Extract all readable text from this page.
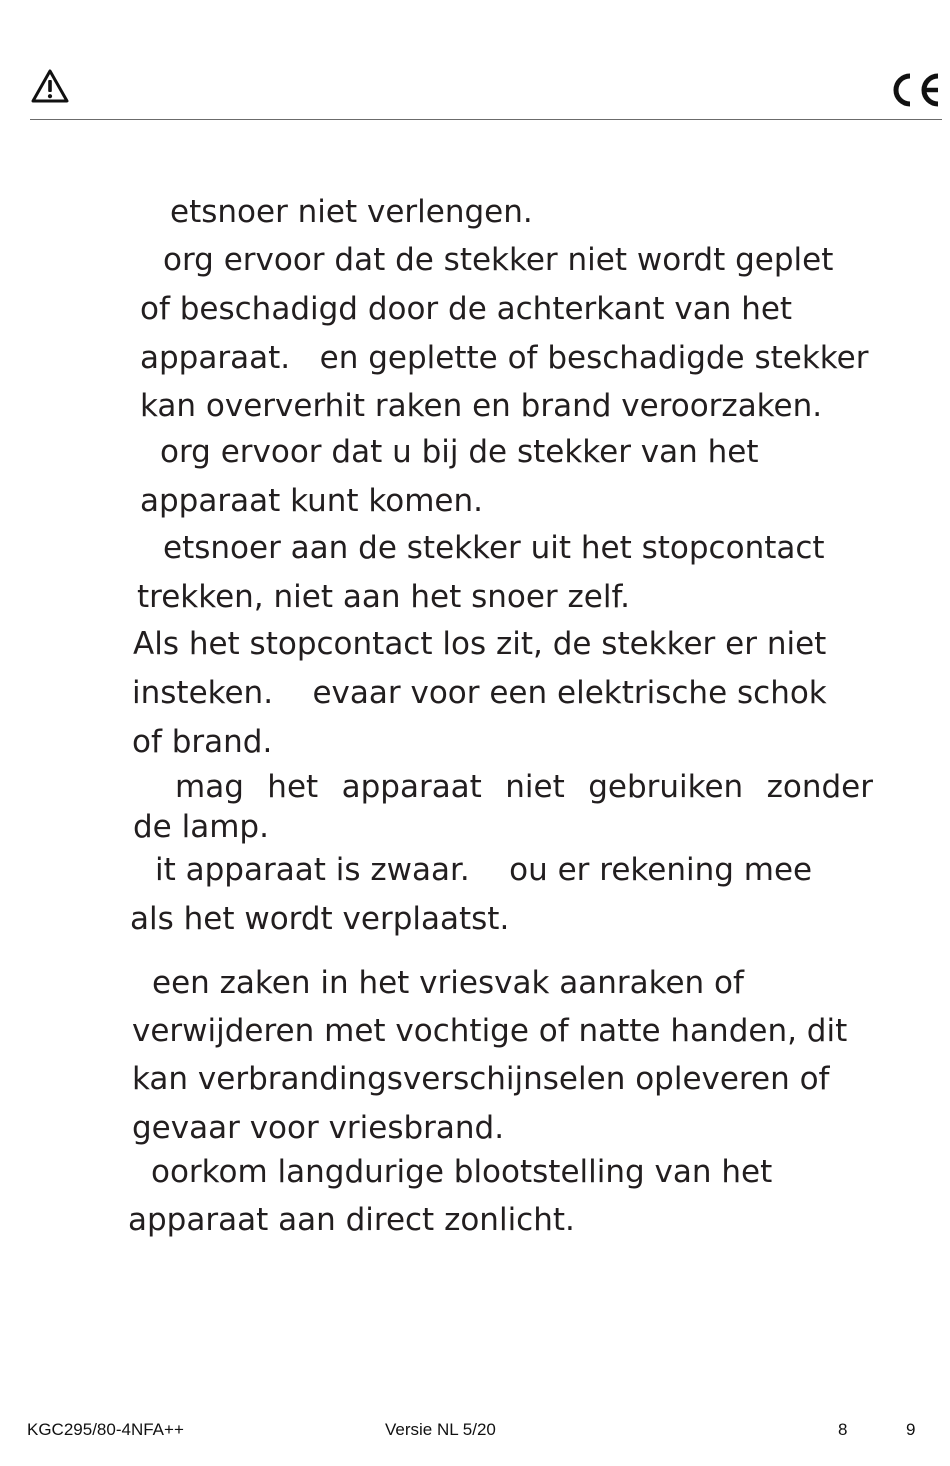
etsnoer niet verlengen.
org ervoor dat de stekker niet wordt geplet
of beschadigd door de achterkant van het
apparaat.   en geplette of beschadigde stekker
kan oververhit raken en brand veroorzaken.
org ervoor dat u bij de stekker van het
apparaat kunt komen.
etsnoer aan de stekker uit het stopcontact
trekken, niet aan het snoer zelf.
Als het stopcontact los zit, de stekker er niet
insteken.    evaar voor een elektrische schok
of brand.
mag het apparaat niet gebruiken zonder
de lamp.
it apparaat is zwaar.    ou er rekening mee
als het wordt verplaatst.
een zaken in het vriesvak aanraken of
verwijderen met vochtige of natte handen, dit
kan verbrandingsverschijnselen opleveren of
gevaar voor vriesbrand.
oorkom langdurige blootstelling van het
apparaat aan direct zonlicht.
KGC295/80-4NFA++	Versie NL 5/20	8	9
